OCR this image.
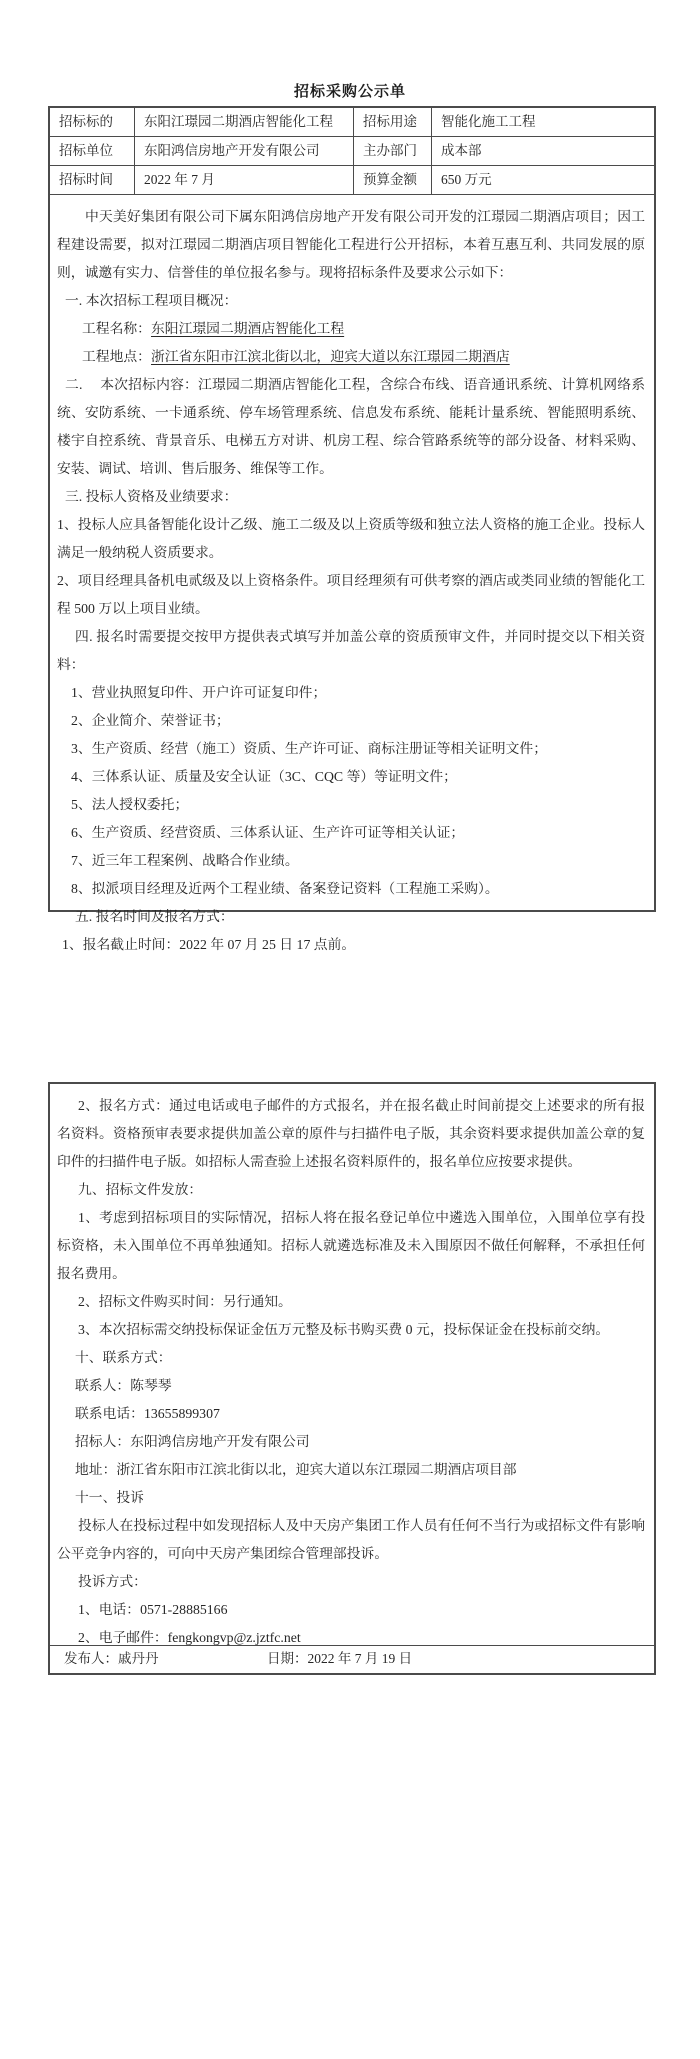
招标采购公示单
招标标的	东阳江璟园二期酒店智能化工程	招标用途	智能化施工工程
招标单位	东阳鸿信房地产开发有限公司	主办部门	成本部
招标时间	2022 年 7 月	预算金额	650 万元

中天美好集团有限公司下属东阳鸿信房地产开发有限公司开发的江璟园二期酒店项目；因工程建设需要，拟对江璟园二期酒店项目智能化工程进行公开招标，本着互惠互利、共同发展的原则，诚邀有实力、信誉佳的单位报名参与。现将招标条件及要求公示如下：

一. 本次招标工程项目概况：

工程名称：东阳江璟园二期酒店智能化工程

工程地点：浙江省东阳市江滨北街以北，迎宾大道以东江璟园二期酒店

二.　 本次招标内容：江璟园二期酒店智能化工程，含综合布线、语音通讯系统、计算机网络系统、安防系统、一卡通系统、停车场管理系统、信息发布系统、能耗计量系统、智能照明系统、楼宇自控系统、背景音乐、电梯五方对讲、机房工程、综合管路系统等的部分设备、材料采购、安装、调试、培训、售后服务、维保等工作。

三. 投标人资格及业绩要求：

1、投标人应具备智能化设计乙级、施工二级及以上资质等级和独立法人资格的施工企业。投标人满足一般纳税人资质要求。

2、项目经理具备机电贰级及以上资格条件。项目经理须有可供考察的酒店或类同业绩的智能化工程 500 万以上项目业绩。

四. 报名时需要提交按甲方提供表式填写并加盖公章的资质预审文件，并同时提交以下相关资料：

1、营业执照复印件、开户许可证复印件；

2、企业简介、荣誉证书；

3、生产资质、经营（施工）资质、生产许可证、商标注册证等相关证明文件；

4、三体系认证、质量及安全认证（3C、CQC 等）等证明文件；

5、法人授权委托；

6、生产资质、经营资质、三体系认证、生产许可证等相关认证；

7、近三年工程案例、战略合作业绩。

8、拟派项目经理及近两个工程业绩、备案登记资料（工程施工采购）。

五. 报名时间及报名方式：

1、报名截止时间：2022 年 07 月 25 日 17 点前。

2、报名方式：通过电话或电子邮件的方式报名，并在报名截止时间前提交上述要求的所有报名资料。资格预审表要求提供加盖公章的原件与扫描件电子版，其余资料要求提供加盖公章的复印件的扫描件电子版。如招标人需查验上述报名资料原件的，报名单位应按要求提供。

九、招标文件发放：

1、考虑到招标项目的实际情况，招标人将在报名登记单位中遴选入围单位，入围单位享有投标资格，未入围单位不再单独通知。招标人就遴选标准及未入围原因不做任何解释，不承担任何报名费用。

2、招标文件购买时间：另行通知。

3、本次招标需交纳投标保证金伍万元整及标书购买费 0 元，投标保证金在投标前交纳。

十、联系方式：

联系人：陈琴琴

联系电话：13655899307

招标人：东阳鸿信房地产开发有限公司

地址：浙江省东阳市江滨北街以北，迎宾大道以东江璟园二期酒店项目部

十一、投诉

投标人在投标过程中如发现招标人及中天房产集团工作人员有任何不当行为或招标文件有影响公平竞争内容的，可向中天房产集团综合管理部投诉。

投诉方式：

1、电话：0571-28885166

2、电子邮件：fengkongvp@z.jztfc.net

发布人：戚丹丹	日期：2022 年 7 月 19 日
